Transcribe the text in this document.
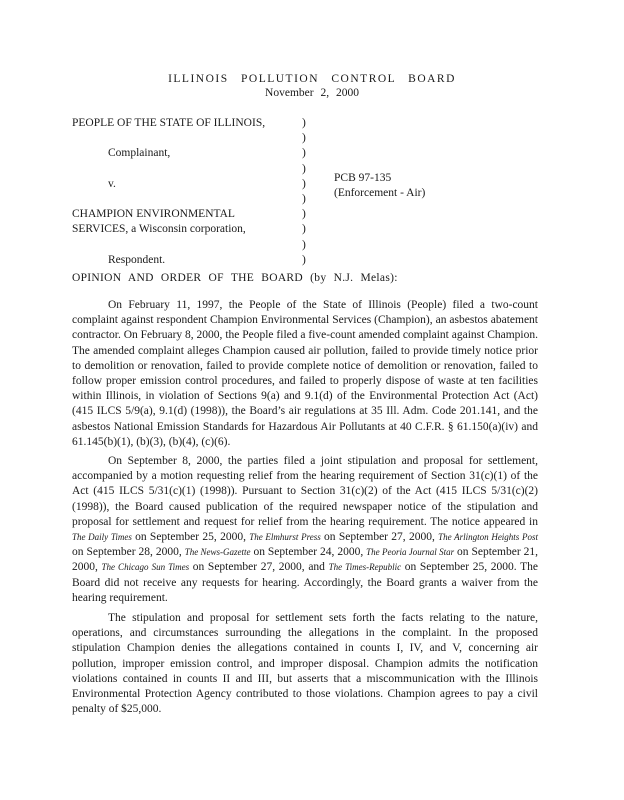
ILLINOIS POLLUTION CONTROL BOARD
November 2, 2000
PEOPLE OF THE STATE OF ILLINOIS,
Complainant,
v.
CHAMPION ENVIRONMENTAL
SERVICES, a Wisconsin corporation,
Respondent.
)
)
)
)
)
)
)
)
)
)
PCB 97-135
(Enforcement - Air)
OPINION AND ORDER OF THE BOARD (by N.J. Melas):

On February 11, 1997, the People of the State of Illinois (People) filed a two-count complaint against respondent Champion Environmental Services (Champion), an asbestos abatement contractor. On February 8, 2000, the People filed a five-count amended complaint against Champion. The amended complaint alleges Champion caused air pollution, failed to provide timely notice prior to demolition or renovation, failed to provide complete notice of demolition or renovation, failed to follow proper emission control procedures, and failed to properly dispose of waste at ten facilities within Illinois, in violation of Sections 9(a) and 9.1(d) of the Environmental Protection Act (Act) (415 ILCS 5/9(a), 9.1(d) (1998)), the Board’s air regulations at 35 Ill. Adm. Code 201.141, and the asbestos National Emission Standards for Hazardous Air Pollutants at 40 C.F.R. § 61.150(a)(iv) and 61.145(b)(1), (b)(3), (b)(4), (c)(6).

On September 8, 2000, the parties filed a joint stipulation and proposal for settlement, accompanied by a motion requesting relief from the hearing requirement of Section 31(c)(1) of the Act (415 ILCS 5/31(c)(1) (1998)). Pursuant to Section 31(c)(2) of the Act (415 ILCS 5/31(c)(2) (1998)), the Board caused publication of the required newspaper notice of the stipulation and proposal for settlement and request for relief from the hearing requirement. The notice appeared in The Daily Times on September 25, 2000, The Elmhurst Press on September 27, 2000, The Arlington Heights Post on September 28, 2000, The News-Gazette on September 24, 2000, The Peoria Journal Star on September 21, 2000, The Chicago Sun Times on September 27, 2000, and The Times-Republic on September 25, 2000. The Board did not receive any requests for hearing. Accordingly, the Board grants a waiver from the hearing requirement.

The stipulation and proposal for settlement sets forth the facts relating to the nature, operations, and circumstances surrounding the allegations in the complaint. In the proposed stipulation Champion denies the allegations contained in counts I, IV, and V, concerning air pollution, improper emission control, and improper disposal. Champion admits the notification violations contained in counts II and III, but asserts that a miscommunication with the Illinois Environmental Protection Agency contributed to those violations. Champion agrees to pay a civil penalty of $25,000.
